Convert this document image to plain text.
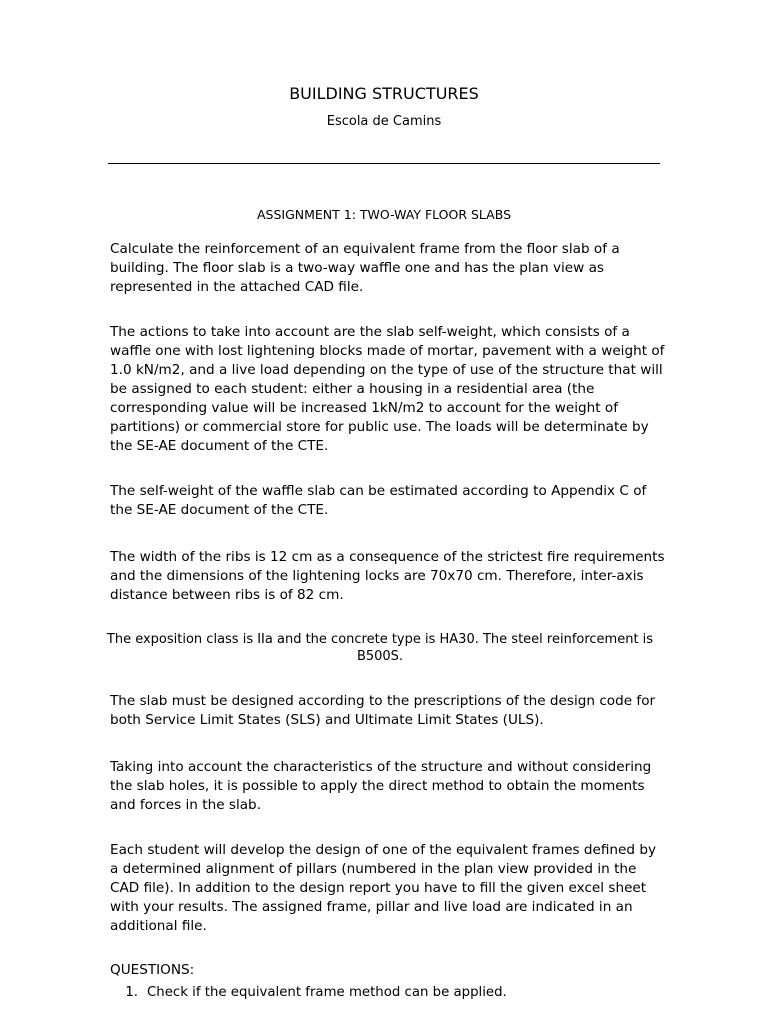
BUILDING STRUCTURES
Escola de Camins
ASSIGNMENT 1: TWO-WAY FLOOR SLABS

Calculate the reinforcement of an equivalent frame from the floor slab of a building. The floor slab is a two-way waffle one and has the plan view as represented in the attached CAD file.

The actions to take into account are the slab self-weight, which consists of a waffle one with lost lightening blocks made of mortar, pavement with a weight of 1.0 kN/m2, and a live load depending on the type of use of the structure that will be assigned to each student: either a housing in a residential area (the corresponding value will be increased 1kN/m2 to account for the weight of partitions) or commercial store for public use. The loads will be determinate by the SE-AE document of the CTE.

The self-weight of the waffle slab can be estimated according to Appendix C of the SE-AE document of the CTE.

The width of the ribs is 12 cm as a consequence of the strictest fire requirements and the dimensions of the lightening locks are 70x70 cm. Therefore, inter-axis distance between ribs is of 82 cm.

The exposition class is IIa and the concrete type is HA30. The steel reinforcement is B500S.

The slab must be designed according to the prescriptions of the design code for both Service Limit States (SLS) and Ultimate Limit States (ULS).

Taking into account the characteristics of the structure and without considering the slab holes, it is possible to apply the direct method to obtain the moments and forces in the slab.

Each student will develop the design of one of the equivalent frames defined by a determined alignment of pillars (numbered in the plan view provided in the CAD file). In addition to the design report you have to fill the given excel sheet with your results. The assigned frame, pillar and live load are indicated in an additional file.

QUESTIONS:
1. Check if the equivalent frame method can be applied.
